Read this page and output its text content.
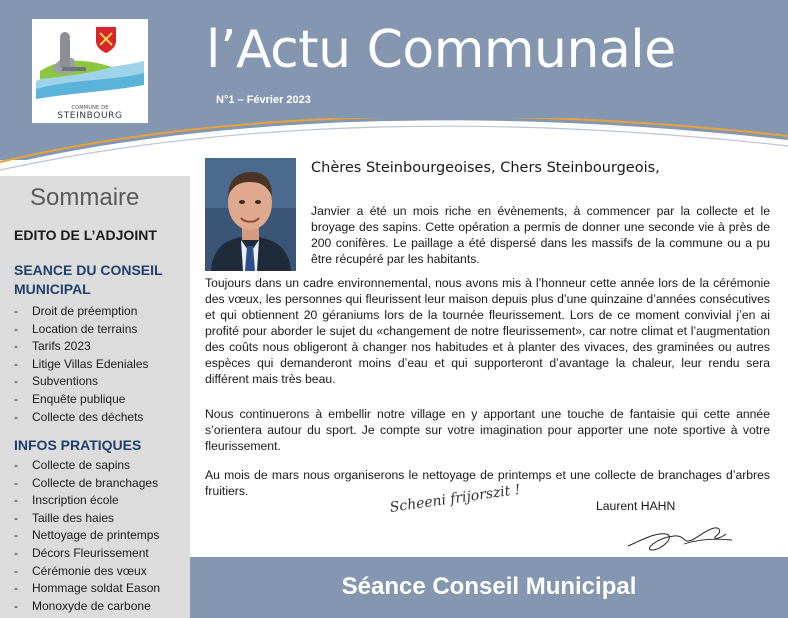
COMMUNE DE
STEINBOURG
l’Actu Communale
N°1 – Février 2023
Sommaire
EDITO DE L’ADJOINT
SEANCE DU CONSEIL MUNICIPAL
- Droit de préemption
- Location de terrains
- Tarifs 2023
- Litige Villas Edeniales
- Subventions
- Enquête publique
- Collecte des déchets
INFOS PRATIQUES
- Collecte de sapins
- Collecte de branchages
- Inscription école
- Taille des haies
- Nettoyage de printemps
- Décors Fleurissement
- Cérémonie des vœux
- Hommage soldat Eason
- Monoxyde de carbone
Chères Steinbourgeoises, Chers Steinbourgeois,

Janvier a été un mois riche en évènements, à commencer par la collecte et le broyage des sapins. Cette opération a permis de donner une seconde vie à près de 200 conifères. Le paillage a été dispersé dans les massifs de la commune ou a pu être récupéré par les habitants.

Toujours dans un cadre environnemental, nous avons mis à l’honneur cette année lors de la cérémonie des vœux, les personnes qui fleurissent leur maison depuis plus d’une quinzaine d’années consécutives et qui obtiennent 20 géraniums lors de la tournée fleurissement. Lors de ce moment convivial j’en ai profité pour aborder le sujet du «changement de notre fleurissement», car notre climat et l’augmentation des coûts nous obligeront à changer nos habitudes et à planter des vivaces, des graminées ou autres espèces qui demanderont moins d’eau et qui supporteront d’avantage la chaleur, leur rendu sera différent mais très beau.

Nous continuerons à embellir notre village en y apportant une touche de fantaisie qui cette année s’orientera autour du sport. Je compte sur votre imagination pour apporter une note sportive à votre fleurissement.

Au mois de mars nous organiserons le nettoyage de printemps et une collecte de branchages d’arbres fruitiers.	Scheeni frijorszit !	Laurent HAHN
Séance Conseil Municipal
